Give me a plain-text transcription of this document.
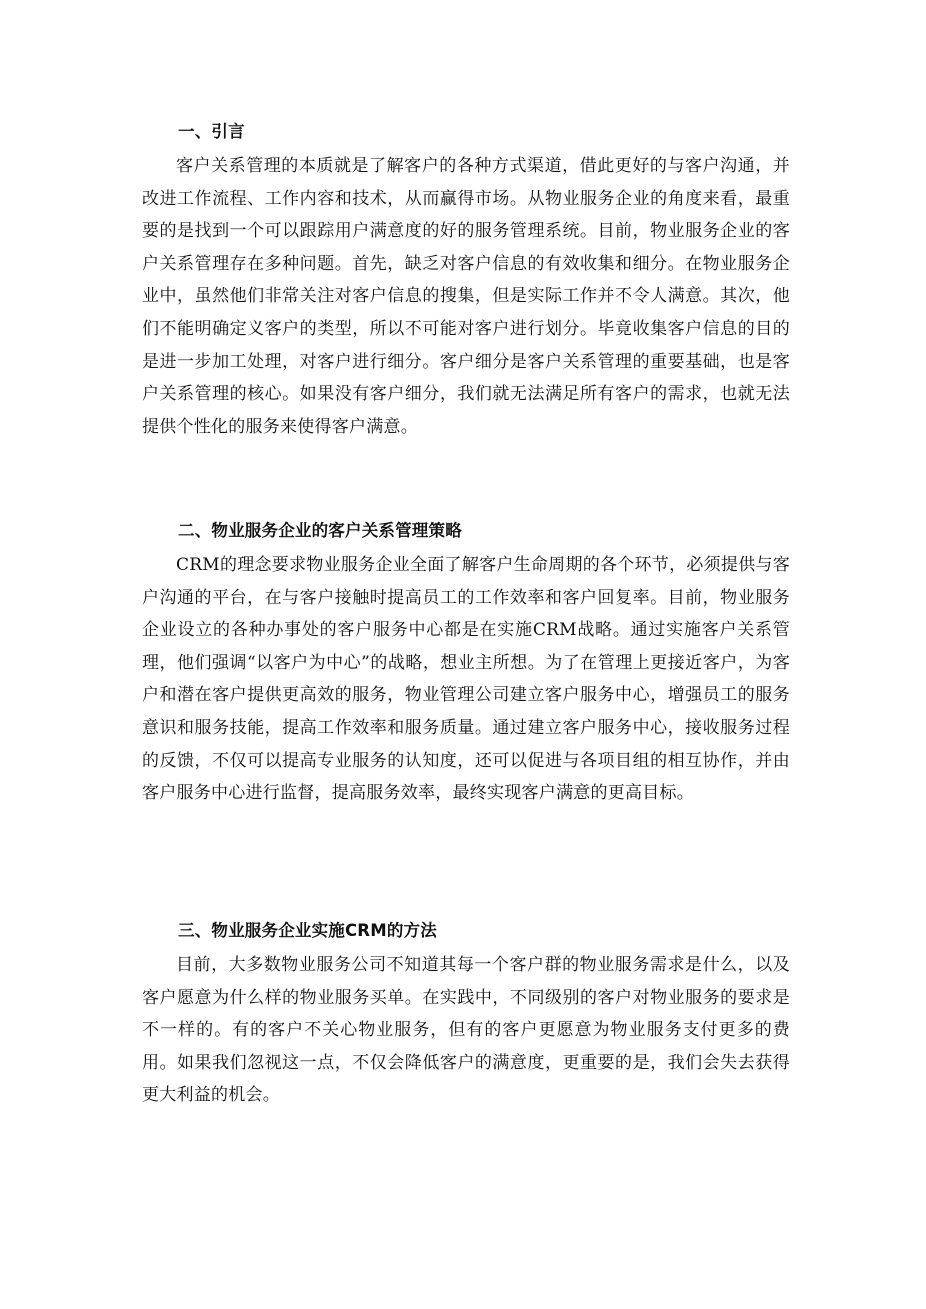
一、引言

客户关系管理的本质就是了解客户的各种方式渠道，借此更好的与客户沟通，并改进工作流程、工作内容和技术，从而赢得市场。从物业服务企业的角度来看，最重要的是找到一个可以跟踪用户满意度的好的服务管理系统。目前，物业服务企业的客户关系管理存在多种问题。首先，缺乏对客户信息的有效收集和细分。在物业服务企业中，虽然他们非常关注对客户信息的搜集，但是实际工作并不令人满意。其次，他们不能明确定义客户的类型，所以不可能对客户进行划分。毕竟收集客户信息的目的是进一步加工处理，对客户进行细分。客户细分是客户关系管理的重要基础，也是客户关系管理的核心。如果没有客户细分，我们就无法满足所有客户的需求，也就无法提供个性化的服务来使得客户满意。

二、物业服务企业的客户关系管理策略

CRM的理念要求物业服务企业全面了解客户生命周期的各个环节，必须提供与客户沟通的平台，在与客户接触时提高员工的工作效率和客户回复率。目前，物业服务企业设立的各种办事处的客户服务中心都是在实施CRM战略。通过实施客户关系管理，他们强调“以客户为中心”的战略，想业主所想。为了在管理上更接近客户，为客户和潜在客户提供更高效的服务，物业管理公司建立客户服务中心，增强员工的服务意识和服务技能，提高工作效率和服务质量。通过建立客户服务中心，接收服务过程的反馈，不仅可以提高专业服务的认知度，还可以促进与各项目组的相互协作，并由客户服务中心进行监督，提高服务效率，最终实现客户满意的更高目标。

三、物业服务企业实施CRM的方法

目前，大多数物业服务公司不知道其每一个客户群的物业服务需求是什么，以及客户愿意为什么样的物业服务买单。在实践中，不同级别的客户对物业服务的要求是不一样的。有的客户不关心物业服务，但有的客户更愿意为物业服务支付更多的费用。如果我们忽视这一点，不仅会降低客户的满意度，更重要的是，我们会失去获得更大利益的机会。
